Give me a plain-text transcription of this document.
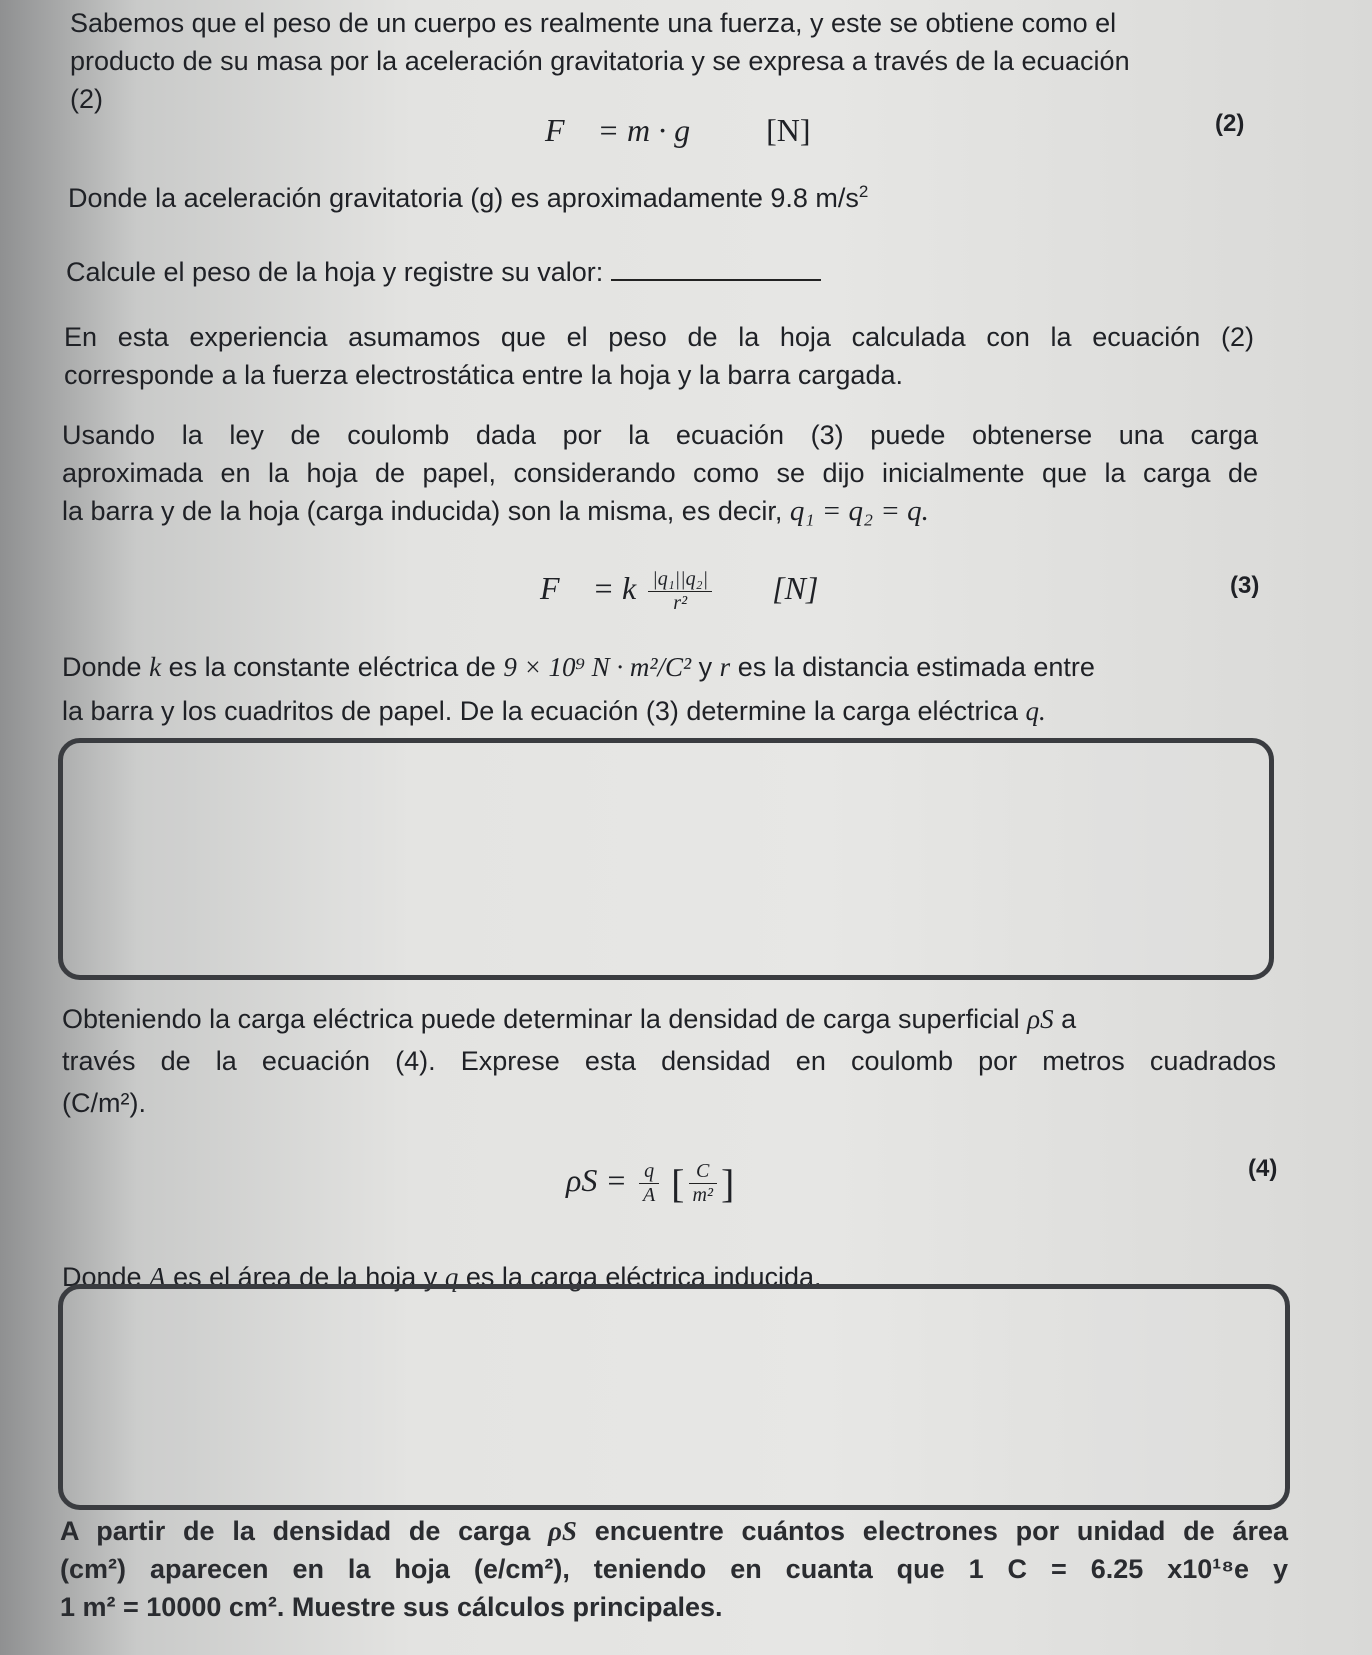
Sabemos que el peso de un cuerpo es realmente una fuerza, y este se obtiene como el
producto de su masa por la aceleración gravitatoria y se expresa a través de la ecuación
(2)
F⃗ = m · g [N]	(2)
Donde la aceleración gravitatoria (g) es aproximadamente 9.8 $m/s^2$
Calcule el peso de la hoja y registre su valor:
En esta experiencia asumamos que el peso de la hoja calculada con la ecuación (2)
corresponde a la fuerza electrostática entre la hoja y la barra cargada.
Usando la ley de coulomb dada por la ecuación (3) puede obtenerse una carga
aproximada en la hoja de papel, considerando como se dijo inicialmente que la carga de
la barra y de la hoja (carga inducida) son la misma, es decir, q₁ = q₂ = q.
F⃗ = k $\frac{\text{|q₁||q₂|}}{\text{r²}} [N]$	(3)
Donde k es la constante eléctrica de 9 × 10⁹ N · m²/C² y r es la distancia estimada entre
la barra y los cuadritos de papel. De la ecuación (3) determine la carga eléctrica q.
Obteniendo la carga eléctrica puede determinar la densidad de carga superficial ρS a
través de la ecuación (4). Exprese esta densidad en coulomb por metros cuadrados
(C/m²).
$\rho S = \frac{q}{A}$ [ $\frac{C}{\text{m²}}$ ]	(4)
Donde A es el área de la hoja y q es la carga eléctrica inducida.
A partir de la densidad de carga ρS encuentre cuántos electrones por unidad de área
(cm²) aparecen en la hoja (e/cm²), teniendo en cuanta que 1 C = 6.25 x10¹⁸e y
1 m² = 10000 cm². Muestre sus cálculos principales.
